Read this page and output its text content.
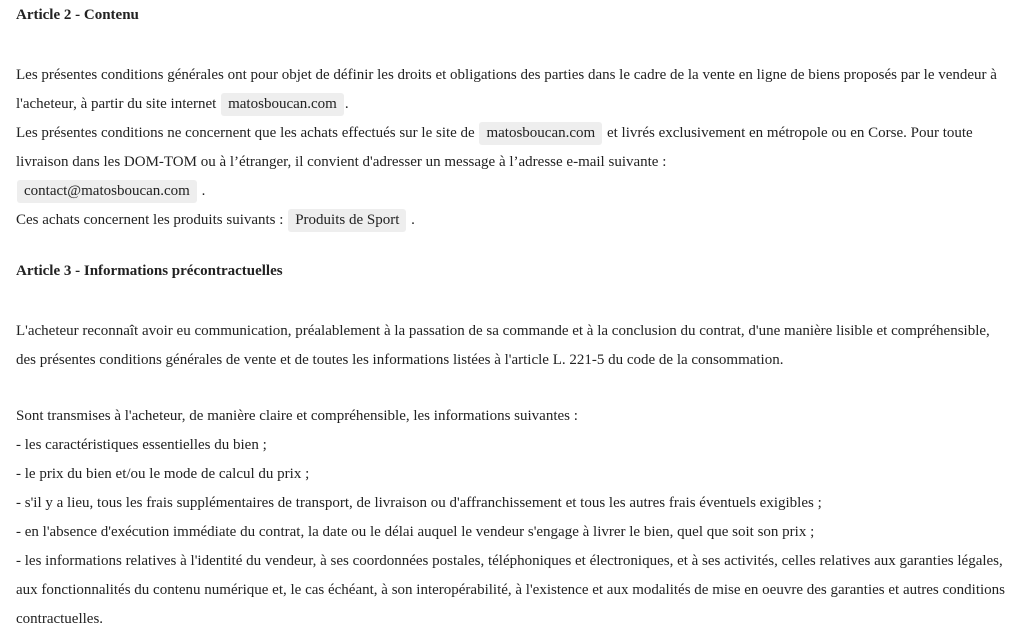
Article 2 - Contenu

Les présentes conditions générales ont pour objet de définir les droits et obligations des parties dans le cadre de la vente en ligne de biens proposés par le vendeur à l'acheteur, à partir du site internet matosboucan.com .

Les présentes conditions ne concernent que les achats effectués sur le site de matosboucan.com et livrés exclusivement en métropole ou en Corse. Pour toute livraison dans les DOM-TOM ou à l’étranger, il convient d'adresser un message à l’adresse e-mail suivante :
contact@matosboucan.com .

Ces achats concernent les produits suivants : Produits de Sport .

Article 3 - Informations précontractuelles

L'acheteur reconnaît avoir eu communication, préalablement à la passation de sa commande et à la conclusion du contrat, d'une manière lisible et compréhensible, des présentes conditions générales de vente et de toutes les informations listées à l'article L. 221-5 du code de la consommation.

Sont transmises à l'acheteur, de manière claire et compréhensible, les informations suivantes :

- les caractéristiques essentielles du bien ;

- le prix du bien et/ou le mode de calcul du prix ;

- s'il y a lieu, tous les frais supplémentaires de transport, de livraison ou d'affranchissement et tous les autres frais éventuels exigibles ;

- en l'absence d'exécution immédiate du contrat, la date ou le délai auquel le vendeur s'engage à livrer le bien, quel que soit son prix ;

- les informations relatives à l'identité du vendeur, à ses coordonnées postales, téléphoniques et électroniques, et à ses activités, celles relatives aux garanties légales, aux fonctionnalités du contenu numérique et, le cas échéant, à son interopérabilité, à l'existence et aux modalités de mise en oeuvre des garanties et autres conditions contractuelles.
